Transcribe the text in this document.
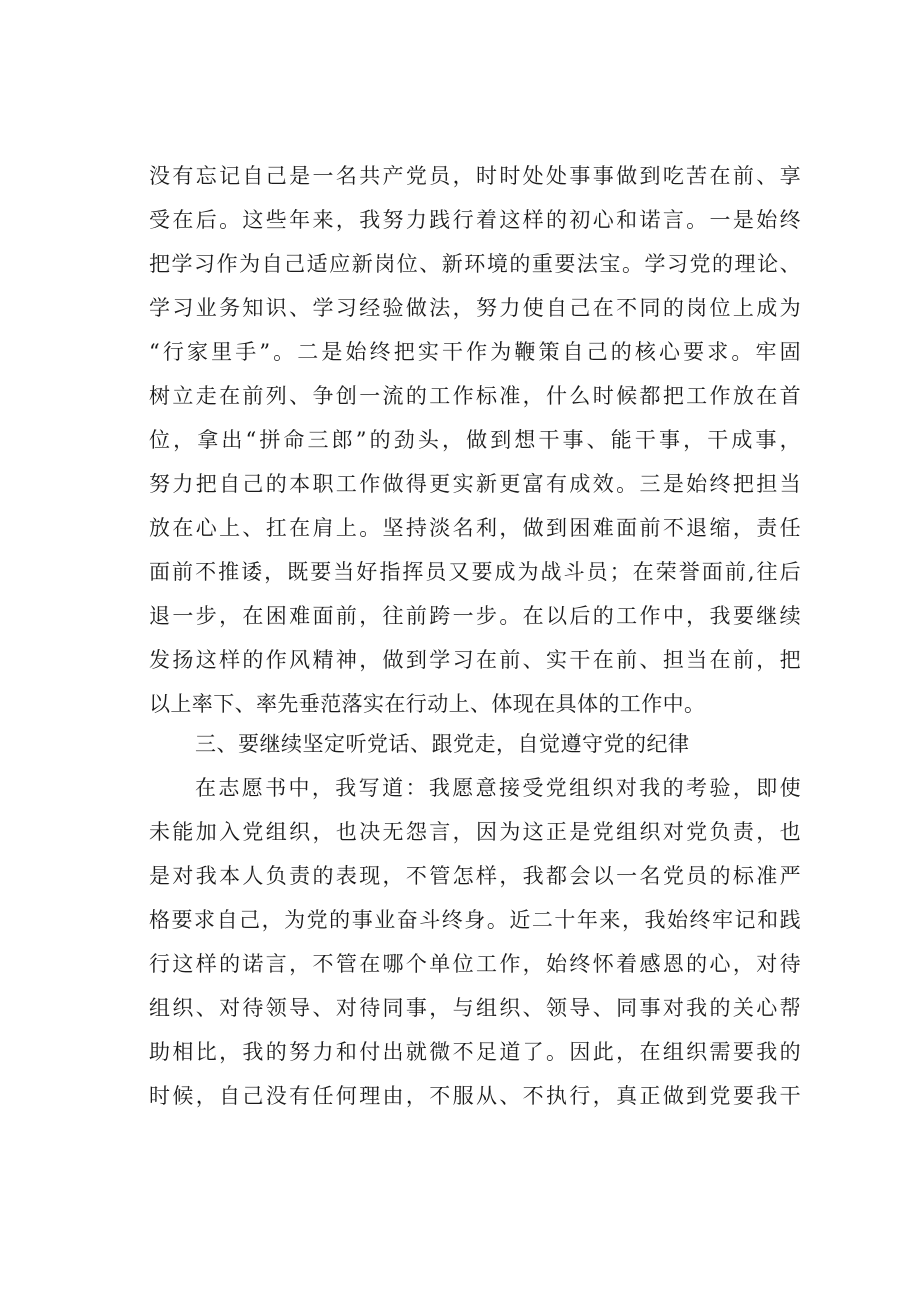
没有忘记自己是一名共产党员，时时处处事事做到吃苦在前、享
受在后。这些年来，我努力践行着这样的初心和诺言。一是始终
把学习作为自己适应新岗位、新环境的重要法宝。学习党的理论、
学习业务知识、学习经验做法，努力使自己在不同的岗位上成为
“行家里手”。二是始终把实干作为鞭策自己的核心要求。牢固
树立走在前列、争创一流的工作标准，什么时候都把工作放在首
位，拿出“拼命三郎”的劲头，做到想干事、能干事，干成事，
努力把自己的本职工作做得更实新更富有成效。三是始终把担当
放在心上、扛在肩上。坚持淡名利，做到困难面前不退缩，责任
面前不推诿，既要当好指挥员又要成为战斗员；在荣誉面前,往后
退一步，在困难面前，往前跨一步。在以后的工作中，我要继续
发扬这样的作风精神，做到学习在前、实干在前、担当在前，把
以上率下、率先垂范落实在行动上、体现在具体的工作中。
三、要继续坚定听党话、跟党走，自觉遵守党的纪律
在志愿书中，我写道：我愿意接受党组织对我的考验，即使
未能加入党组织，也决无怨言，因为这正是党组织对党负责，也
是对我本人负责的表现，不管怎样，我都会以一名党员的标准严
格要求自己，为党的事业奋斗终身。近二十年来，我始终牢记和践
行这样的诺言，不管在哪个单位工作，始终怀着感恩的心，对待
组织、对待领导、对待同事，与组织、领导、同事对我的关心帮
助相比，我的努力和付出就微不足道了。因此，在组织需要我的
时候，自己没有任何理由，不服从、不执行，真正做到党要我干
